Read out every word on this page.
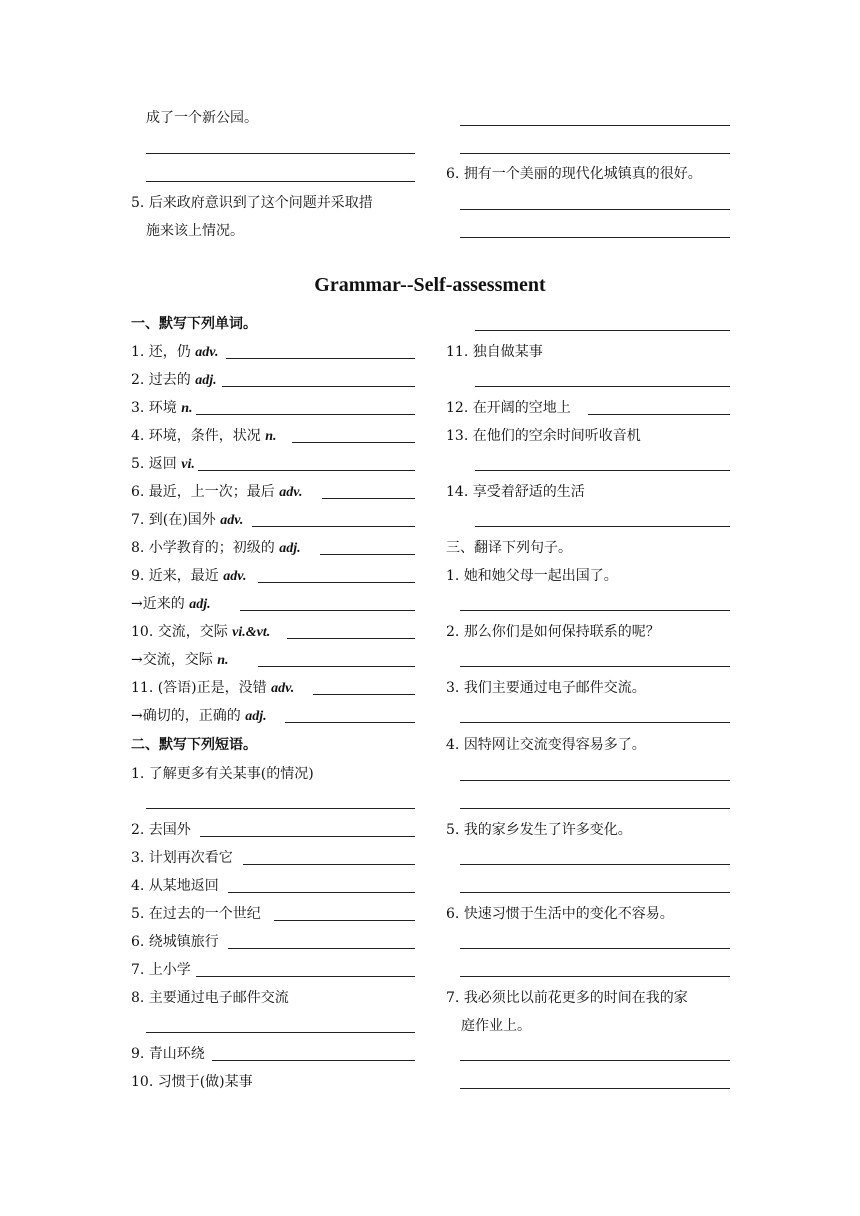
成了一个新公园。
6. 拥有一个美丽的现代化城镇真的很好。
5. 后来政府意识到了这个问题并采取措
施来该上情况。
Grammar--Self-assessment
一、默写下列单词。
1. 还，仍 adv.
2. 过去的 adj.
3. 环境 n.
4. 环境，条件，状况 n.
5. 返回 vi.
6. 最近，上一次；最后 adv.
7. 到(在)国外 adv.
8. 小学教育的；初级的 adj.
9. 近来，最近 adv.
→近来的 adj.
10. 交流，交际 vi.&vt.
→交流，交际 n.
11. (答语)正是，没错 adv.
→确切的，正确的 adj.
二、默写下列短语。
1. 了解更多有关某事(的情况)
2. 去国外
3. 计划再次看它
4. 从某地返回
5. 在过去的一个世纪
6. 绕城镇旅行
7. 上小学
8. 主要通过电子邮件交流
9. 青山环绕
10. 习惯于(做)某事
11. 独自做某事
12. 在开阔的空地上
13. 在他们的空余时间听收音机
14. 享受着舒适的生活
三、翻译下列句子。
1. 她和她父母一起出国了。
2. 那么你们是如何保持联系的呢？
3. 我们主要通过电子邮件交流。
4. 因特网让交流变得容易多了。
5. 我的家乡发生了许多变化。
6. 快速习惯于生活中的变化不容易。
7. 我必须比以前花更多的时间在我的家
庭作业上。
